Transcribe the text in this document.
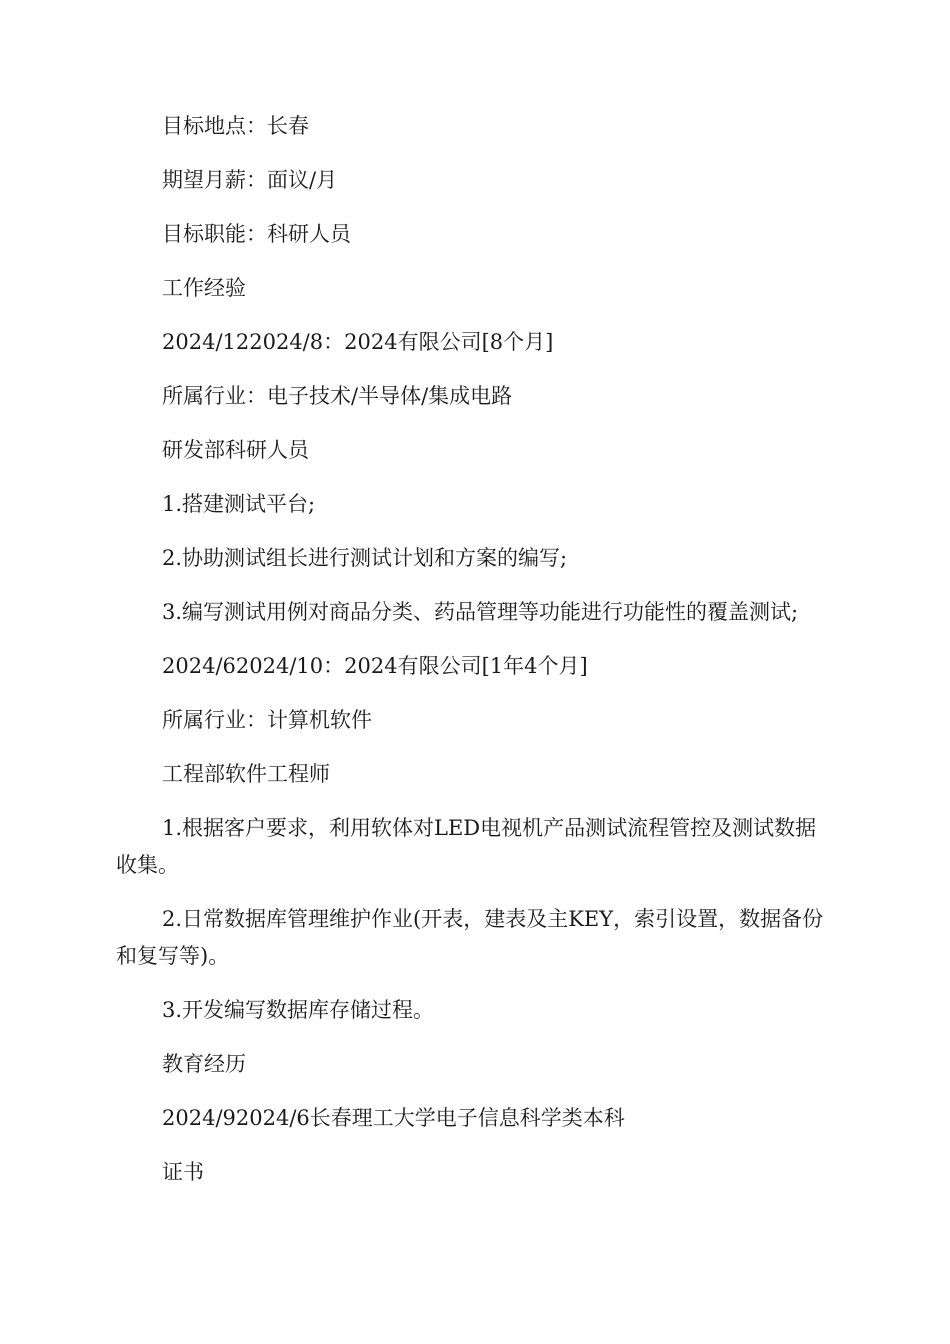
目标地点：长春

期望月薪：面议/月

目标职能：科研人员

工作经验

2024/122024/8：2024有限公司[8个月]

所属行业：电子技术/半导体/集成电路

研发部科研人员

1.搭建测试平台;

2.协助测试组长进行测试计划和方案的编写;

3.编写测试用例对商品分类、药品管理等功能进行功能性的覆盖测试;

2024/62024/10：2024有限公司[1年4个月]

所属行业：计算机软件

工程部软件工程师

1.根据客户要求，利用软体对LED电视机产品测试流程管控及测试数据收集。

2.日常数据库管理维护作业(开表，建表及主KEY，索引设置，数据备份和复写等)。

3.开发编写数据库存储过程。

教育经历

2024/92024/6长春理工大学电子信息科学类本科

证书
